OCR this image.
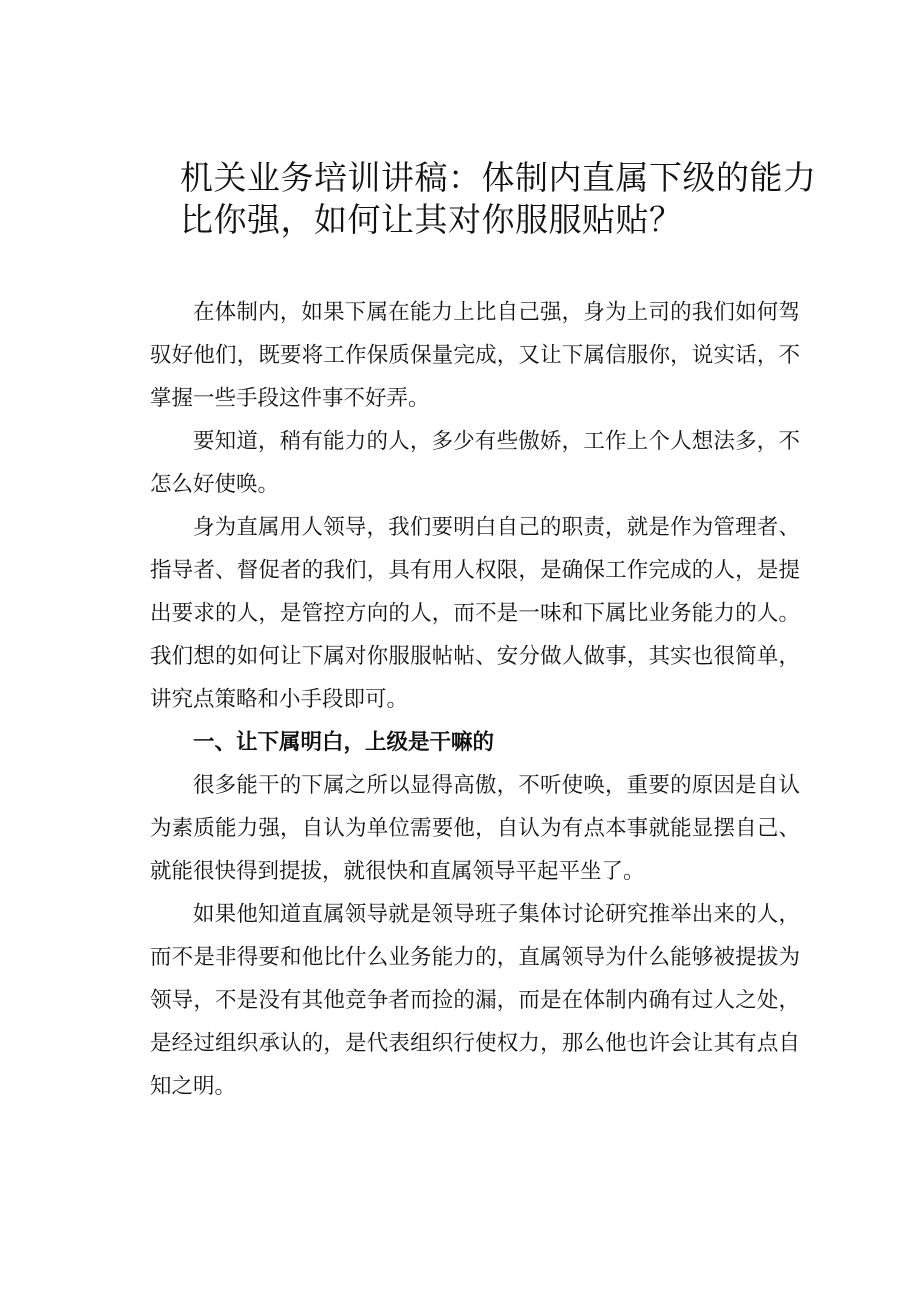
机关业务培训讲稿：体制内直属下级的能力比你强，如何让其对你服服贴贴？

在体制内，如果下属在能力上比自己强，身为上司的我们如何驾驭好他们，既要将工作保质保量完成，又让下属信服你，说实话，不掌握一些手段这件事不好弄。

要知道，稍有能力的人，多少有些傲娇，工作上个人想法多，不怎么好使唤。

身为直属用人领导，我们要明白自己的职责，就是作为管理者、指导者、督促者的我们，具有用人权限，是确保工作完成的人，是提出要求的人，是管控方向的人，而不是一味和下属比业务能力的人。我们想的如何让下属对你服服帖帖、安分做人做事，其实也很简单，讲究点策略和小手段即可。

一、让下属明白，上级是干嘛的

很多能干的下属之所以显得高傲，不听使唤，重要的原因是自认为素质能力强，自认为单位需要他，自认为有点本事就能显摆自己、就能很快得到提拔，就很快和直属领导平起平坐了。

如果他知道直属领导就是领导班子集体讨论研究推举出来的人，而不是非得要和他比什么业务能力的，直属领导为什么能够被提拔为领导，不是没有其他竞争者而捡的漏，而是在体制内确有过人之处，是经过组织承认的，是代表组织行使权力，那么他也许会让其有点自知之明。
